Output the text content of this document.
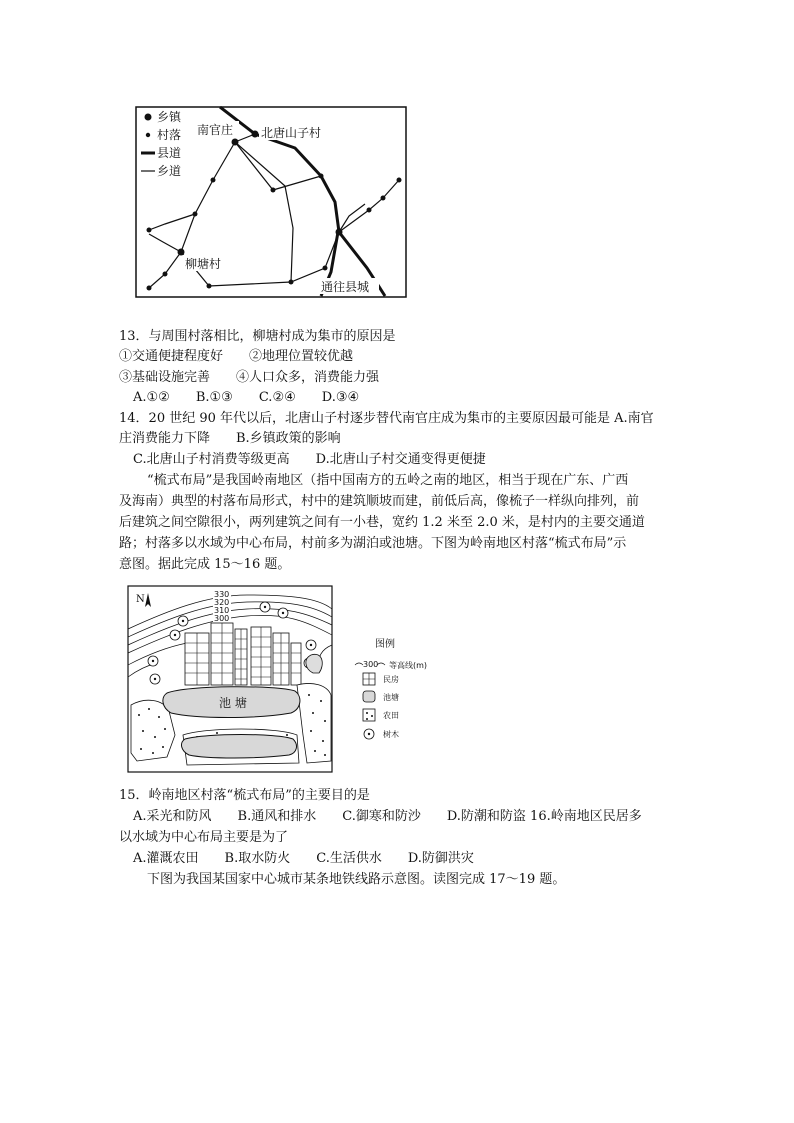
乡镇
村落
县道
乡道
南官庄 北唐山子村
柳塘村
通往县城
13．与周围村落相比，柳塘村成为集市的原因是
①交通便捷程度好　　②地理位置较优越
③基础设施完善　　④人口众多，消费能力强
A.①②　　B.①③　　C.②④　　D.③④
14．20 世纪 90 年代以后，北唐山子村逐步替代南官庄成为集市的主要原因最可能是 A.南官
庄消费能力下降　　B.乡镇政策的影响
C.北唐山子村消费等级更高　　D.北唐山子村交通变得更便捷
“梳式布局”是我国岭南地区（指中国南方的五岭之南的地区，相当于现在广东、广西
及海南）典型的村落布局形式，村中的建筑顺坡而建，前低后高，像梳子一样纵向排列，前
后建筑之间空隙很小，两列建筑之间有一小巷，宽约 1.2 米至 2.0 米，是村内的主要交通道
路；村落多以水域为中心布局，村前多为湖泊或池塘。下图为岭南地区村落“梳式布局”示
意图。据此完成 15～16 题。
N	330
320
310
300
池 塘
图例
300 等高线(m)
民房
池塘
农田
树木
15．岭南地区村落“梳式布局”的主要目的是
A.采光和防风　　B.通风和排水　　C.御寒和防沙　　D.防潮和防盗 16.岭南地区民居多
以水域为中心布局主要是为了
A.灌溉农田　　B.取水防火　　C.生活供水　　D.防御洪灾
下图为我国某国家中心城市某条地铁线路示意图。读图完成 17～19 题。
